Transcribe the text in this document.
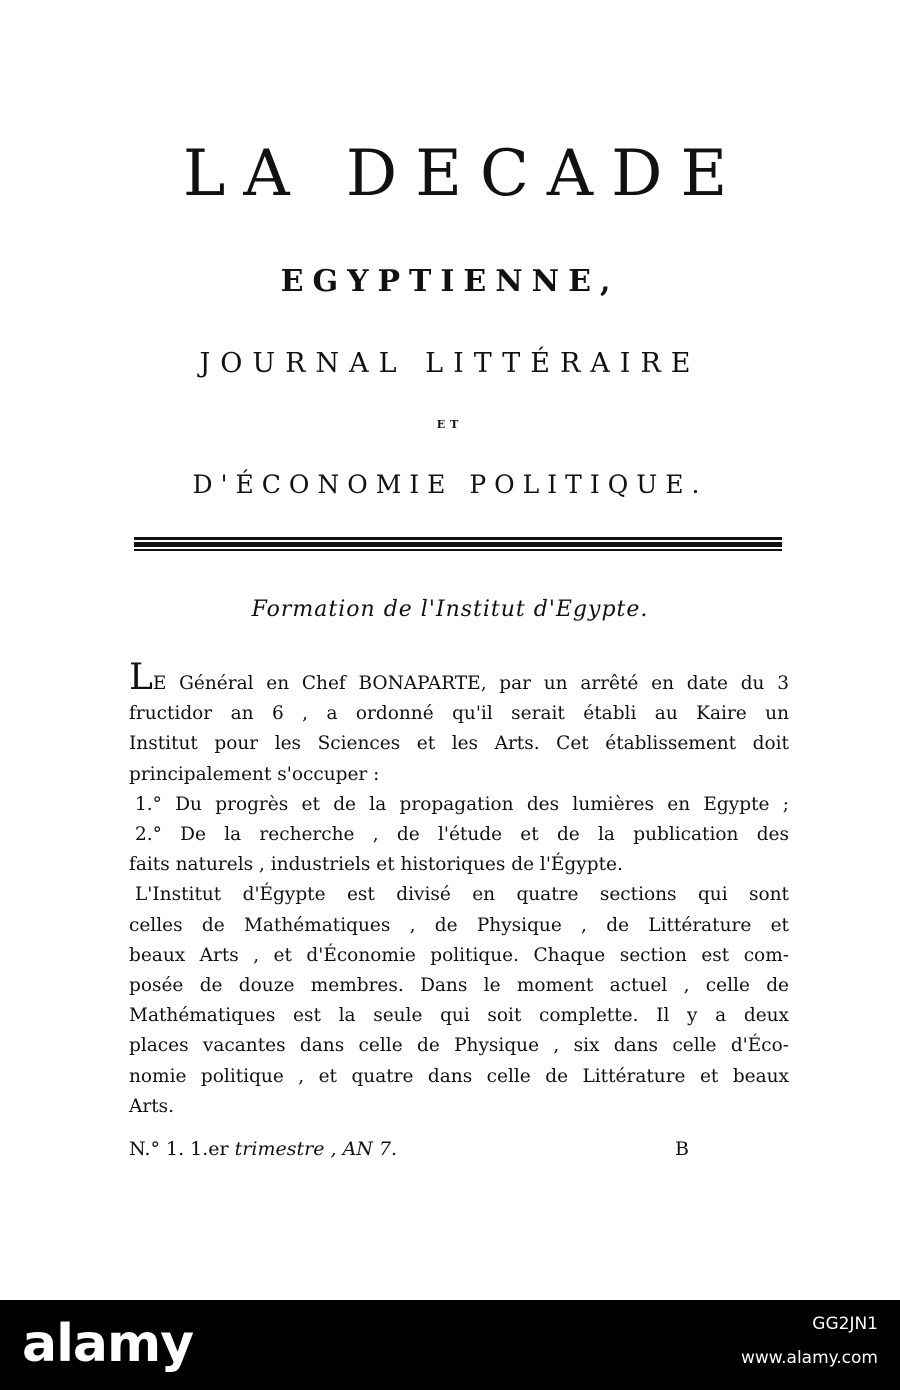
LA DECADE
EGYPTIENNE,
JOURNAL LITTÉRAIRE
ET
D'ÉCONOMIE POLITIQUE.
Formation de l'Institut d'Egypte.
LE Général en Chef BONAPARTE, par un arrêté en date du 3
fructidor an 6 , a ordonné qu'il serait établi au Kaire un
Institut pour les Sciences et les Arts. Cet établissement doit
principalement s'occuper :
1.° Du progrès et de la propagation des lumières en Egypte ;
2.° De la recherche , de l'étude et de la publication des
faits naturels , industriels et historiques de l'Égypte.
L'Institut d'Égypte est divisé en quatre sections qui sont
celles de Mathématiques , de Physique , de Littérature et
beaux Arts , et d'Économie politique. Chaque section est com-
posée de douze membres. Dans le moment actuel , celle de
Mathématiques est la seule qui soit complette. Il y a deux
places vacantes dans celle de Physique , six dans celle d'Éco-
nomie politique , et quatre dans celle de Littérature et beaux
Arts.
N.° 1. 1.er trimestre , AN 7.	B
alamy	GG2JN1
www.alamy.com
